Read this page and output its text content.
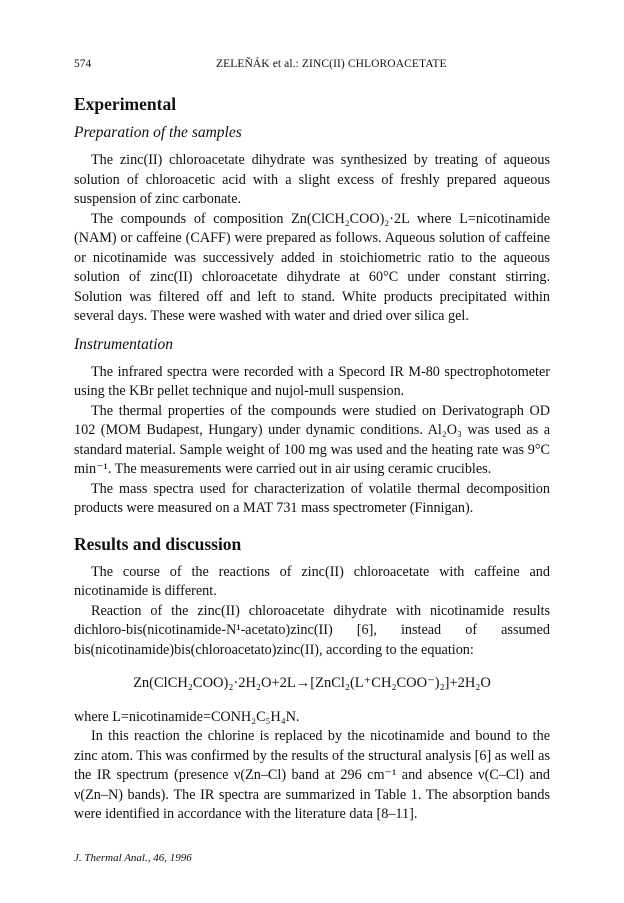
574	ZELEŇÁK et al.: ZINC(II) CHLOROACETATE
Experimental
Preparation of the samples

The zinc(II) chloroacetate dihydrate was synthesized by treating of aqueous solution of chloroacetic acid with a slight excess of freshly prepared aqueous suspension of zinc carbonate.

The compounds of composition Zn(ClCH₂COO)₂·2L where L=nicotinamide (NAM) or caffeine (CAFF) were prepared as follows. Aqueous solution of caffeine or nicotinamide was successively added in stoichiometric ratio to the aqueous solution of zinc(II) chloroacetate dihydrate at 60°C under constant stirring. Solution was filtered off and left to stand. White products precipitated within several days. These were washed with water and dried over silica gel.

Instrumentation

The infrared spectra were recorded with a Specord IR M-80 spectrophotometer using the KBr pellet technique and nujol-mull suspension.

The thermal properties of the compounds were studied on Derivatograph OD 102 (MOM Budapest, Hungary) under dynamic conditions. Al₂O₃ was used as a standard material. Sample weight of 100 mg was used and the heating rate was 9°C min⁻¹. The measurements were carried out in air using ceramic crucibles.

The mass spectra used for characterization of volatile thermal decomposition products were measured on a MAT 731 mass spectrometer (Finnigan).

Results and discussion

The course of the reactions of zinc(II) chloroacetate with caffeine and nicotinamide is different.

Reaction of the zinc(II) chloroacetate dihydrate with nicotinamide results dichloro-bis(nicotinamide-N¹-acetato)zinc(II) [6], instead of assumed bis(nicotinamide)bis(chloroacetato)zinc(II), according to the equation:

Zn(ClCH₂COO)₂·2H₂O+2L→[ZnCl₂(L⁺CH₂COO⁻)₂]+2H₂O

where L=nicotinamide=CONH₂C₅H₄N.

In this reaction the chlorine is replaced by the nicotinamide and bound to the zinc atom. This was confirmed by the results of the structural analysis [6] as well as the IR spectrum (presence ν(Zn–Cl) band at 296 cm⁻¹ and absence ν(C–Cl) and ν(Zn–N) bands). The IR spectra are summarized in Table 1. The absorption bands were identified in accordance with the literature data [8–11].

J. Thermal Anal., 46, 1996
